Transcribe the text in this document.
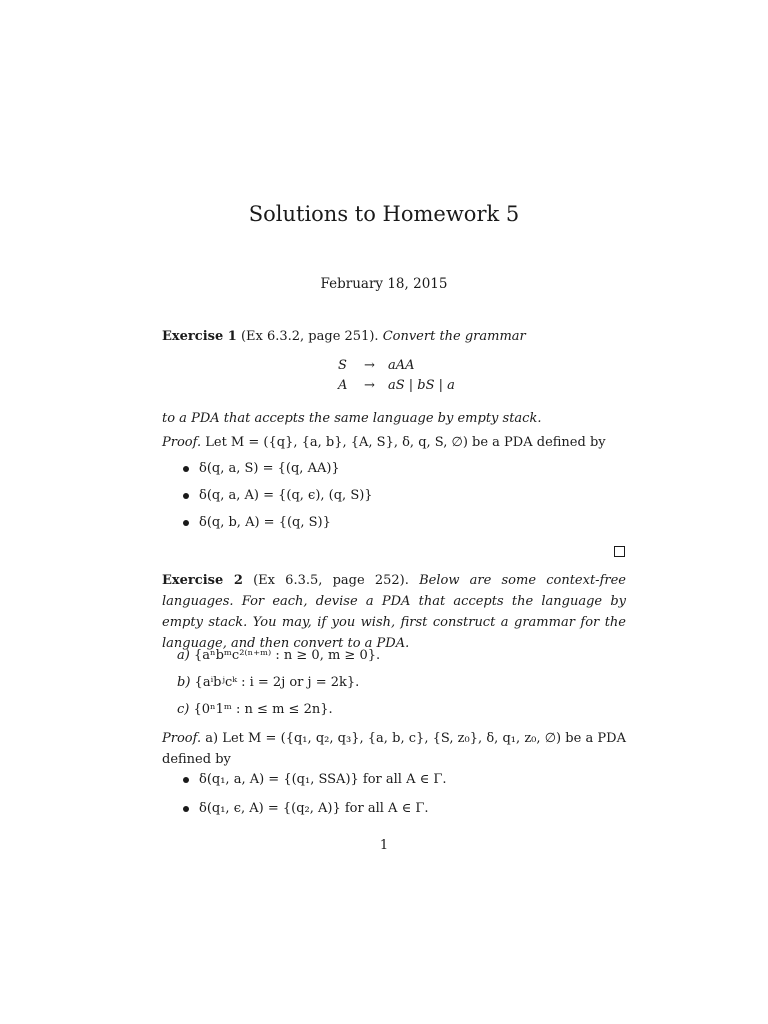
Solutions to Homework 5
February 18, 2015
Exercise 1 (Ex 6.3.2, page 251). Convert the grammar
S → aAA
A → aS | bS | a
to a PDA that accepts the same language by empty stack.
Proof. Let M = ({q}, {a, b}, {A, S}, δ, q, S, ∅) be a PDA defined by
δ(q, a, S) = {(q, AA)}
δ(q, a, A) = {(q, ϵ), (q, S)}
δ(q, b, A) = {(q, S)}
Exercise 2 (Ex 6.3.5, page 252). Below are some context-free languages. For each, devise a PDA that accepts the language by empty stack. You may, if you wish, first construct a grammar for the language, and then convert to a PDA.
a) {aⁿbᵐc²⁽ⁿ⁺ᵐ⁾ : n ≥ 0, m ≥ 0}.
b) {aⁱbʲcᵏ : i = 2j or j = 2k}.
c) {0ⁿ1ᵐ : n ≤ m ≤ 2n}.
Proof. a) Let M = ({q₁, q₂, q₃}, {a, b, c}, {S, z₀}, δ, q₁, z₀, ∅) be a PDA defined by
δ(q₁, a, A) = {(q₁, SSA)} for all A ∈ Γ.
δ(q₁, ϵ, A) = {(q₂, A)} for all A ∈ Γ.
1
